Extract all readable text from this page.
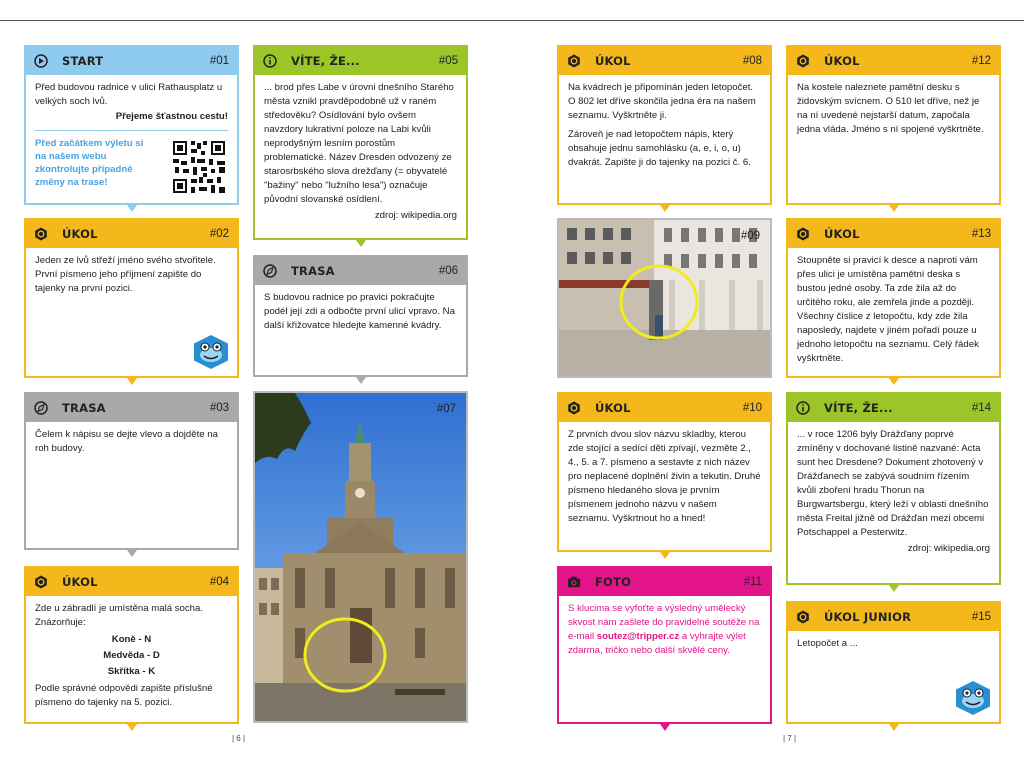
START	#01

Před budovou radnice v ulici Rathausplatz u velkých soch lvů.

Přejeme šťastnou cestu!

Před začátkem výletu si na našem webu zkontrolujte případné změny na trase!

VÍTE, ŽE...	#05

... brod přes Labe v úrovni dnešního Starého města vznikl pravděpodobně už v raném středověku? Osídlování bylo ovšem navzdory lukrativní poloze na Labi kvůli neprodyšným lesním porostům problematické. Název Dresden odvozený ze starosrbského slova drežďany (= obyvatelé "bažiny" nebo "lužního lesa") označuje původní slovanské osídlení.

zdroj: wikipedia.org

ÚKOL	#02

Jeden ze lvů střeží jméno svého stvořitele. První písmeno jeho příjmení zapište do tajenky na první pozici.

TRASA	#06

S budovou radnice po pravici pokračujte podél její zdi a odbočte první ulicí vpravo. Na další křižovatce hledejte kamenné kvádry.

TRASA	#03

Čelem k nápisu se dejte vlevo a dojděte na roh budovy.

#07
ÚKOL	#04

Zde u zábradlí je umístěna malá socha. Znázorňuje:

Koně - N

Medvěda - D

Skřítka - K

Podle správné odpovědi zapište příslušné písmeno do tajenky na 5. pozici.

| 6 |
ÚKOL	#08

Na kvádrech je připomínán jeden letopočet. O 802 let dříve skončila jedna éra na našem seznamu. Vyškrtněte ji.

Zároveň je nad letopočtem nápis, který obsahuje jednu samohlásku (a, e, i, o, u) dvakrát. Zapište ji do tajenky na pozici č. 6.

ÚKOL	#12

Na kostele naleznete pamětní desku s židovským svícnem. O 510 let dříve, než je na ní uvedené nejstarší datum, započala jedna vláda. Jméno s ní spojené vyškrtněte.

#09	ÚKOL	#13

Stoupněte si pravicí k desce a naproti vám přes ulici je umístěna pamětní deska s bustou jedné osoby. Ta zde žila až do určitého roku, ale zemřela jinde a později. Všechny číslice z letopočtu, kdy zde žila naposledy, najdete v jiném pořadí pouze u jednoho letopočtu na seznamu. Celý řádek vyškrtněte.

ÚKOL	#10

Z prvních dvou slov názvu skladby, kterou zde stojící a sedící děti zpívají, vezměte 2., 4., 5. a 7. písmeno a sestavte z nich název pro neplacené doplnění živin a tekutin. Druhé písmeno hledaného slova je prvním písmenem jednoho názvu v našem seznamu. Vyškrtnout ho a hned!

VÍTE, ŽE...	#14

... v roce 1206 byly Drážďany poprvé zmíněny v dochované listině nazvané: Acta sunt hec Dresdene? Dokument zhotovený v Drážďanech se zabývá soudním řízením kvůli zboření hradu Thorun na Burgwartsbergu, který leží v oblasti dnešního města Freital jižně od Drážďan mezi obcemi Potschappel a Pesterwitz.

zdroj: wikipedia.org

FOTO	#11

S klucima se vyfoťte a výsledný umělecký skvost nám zašlete do pravidelné soutěže na e-mail soutez@tripper.cz a vyhrajte výlet zdarma, tričko nebo další skvělé ceny.

ÚKOL JUNIOR	#15

Letopočet a ...

| 7 |
